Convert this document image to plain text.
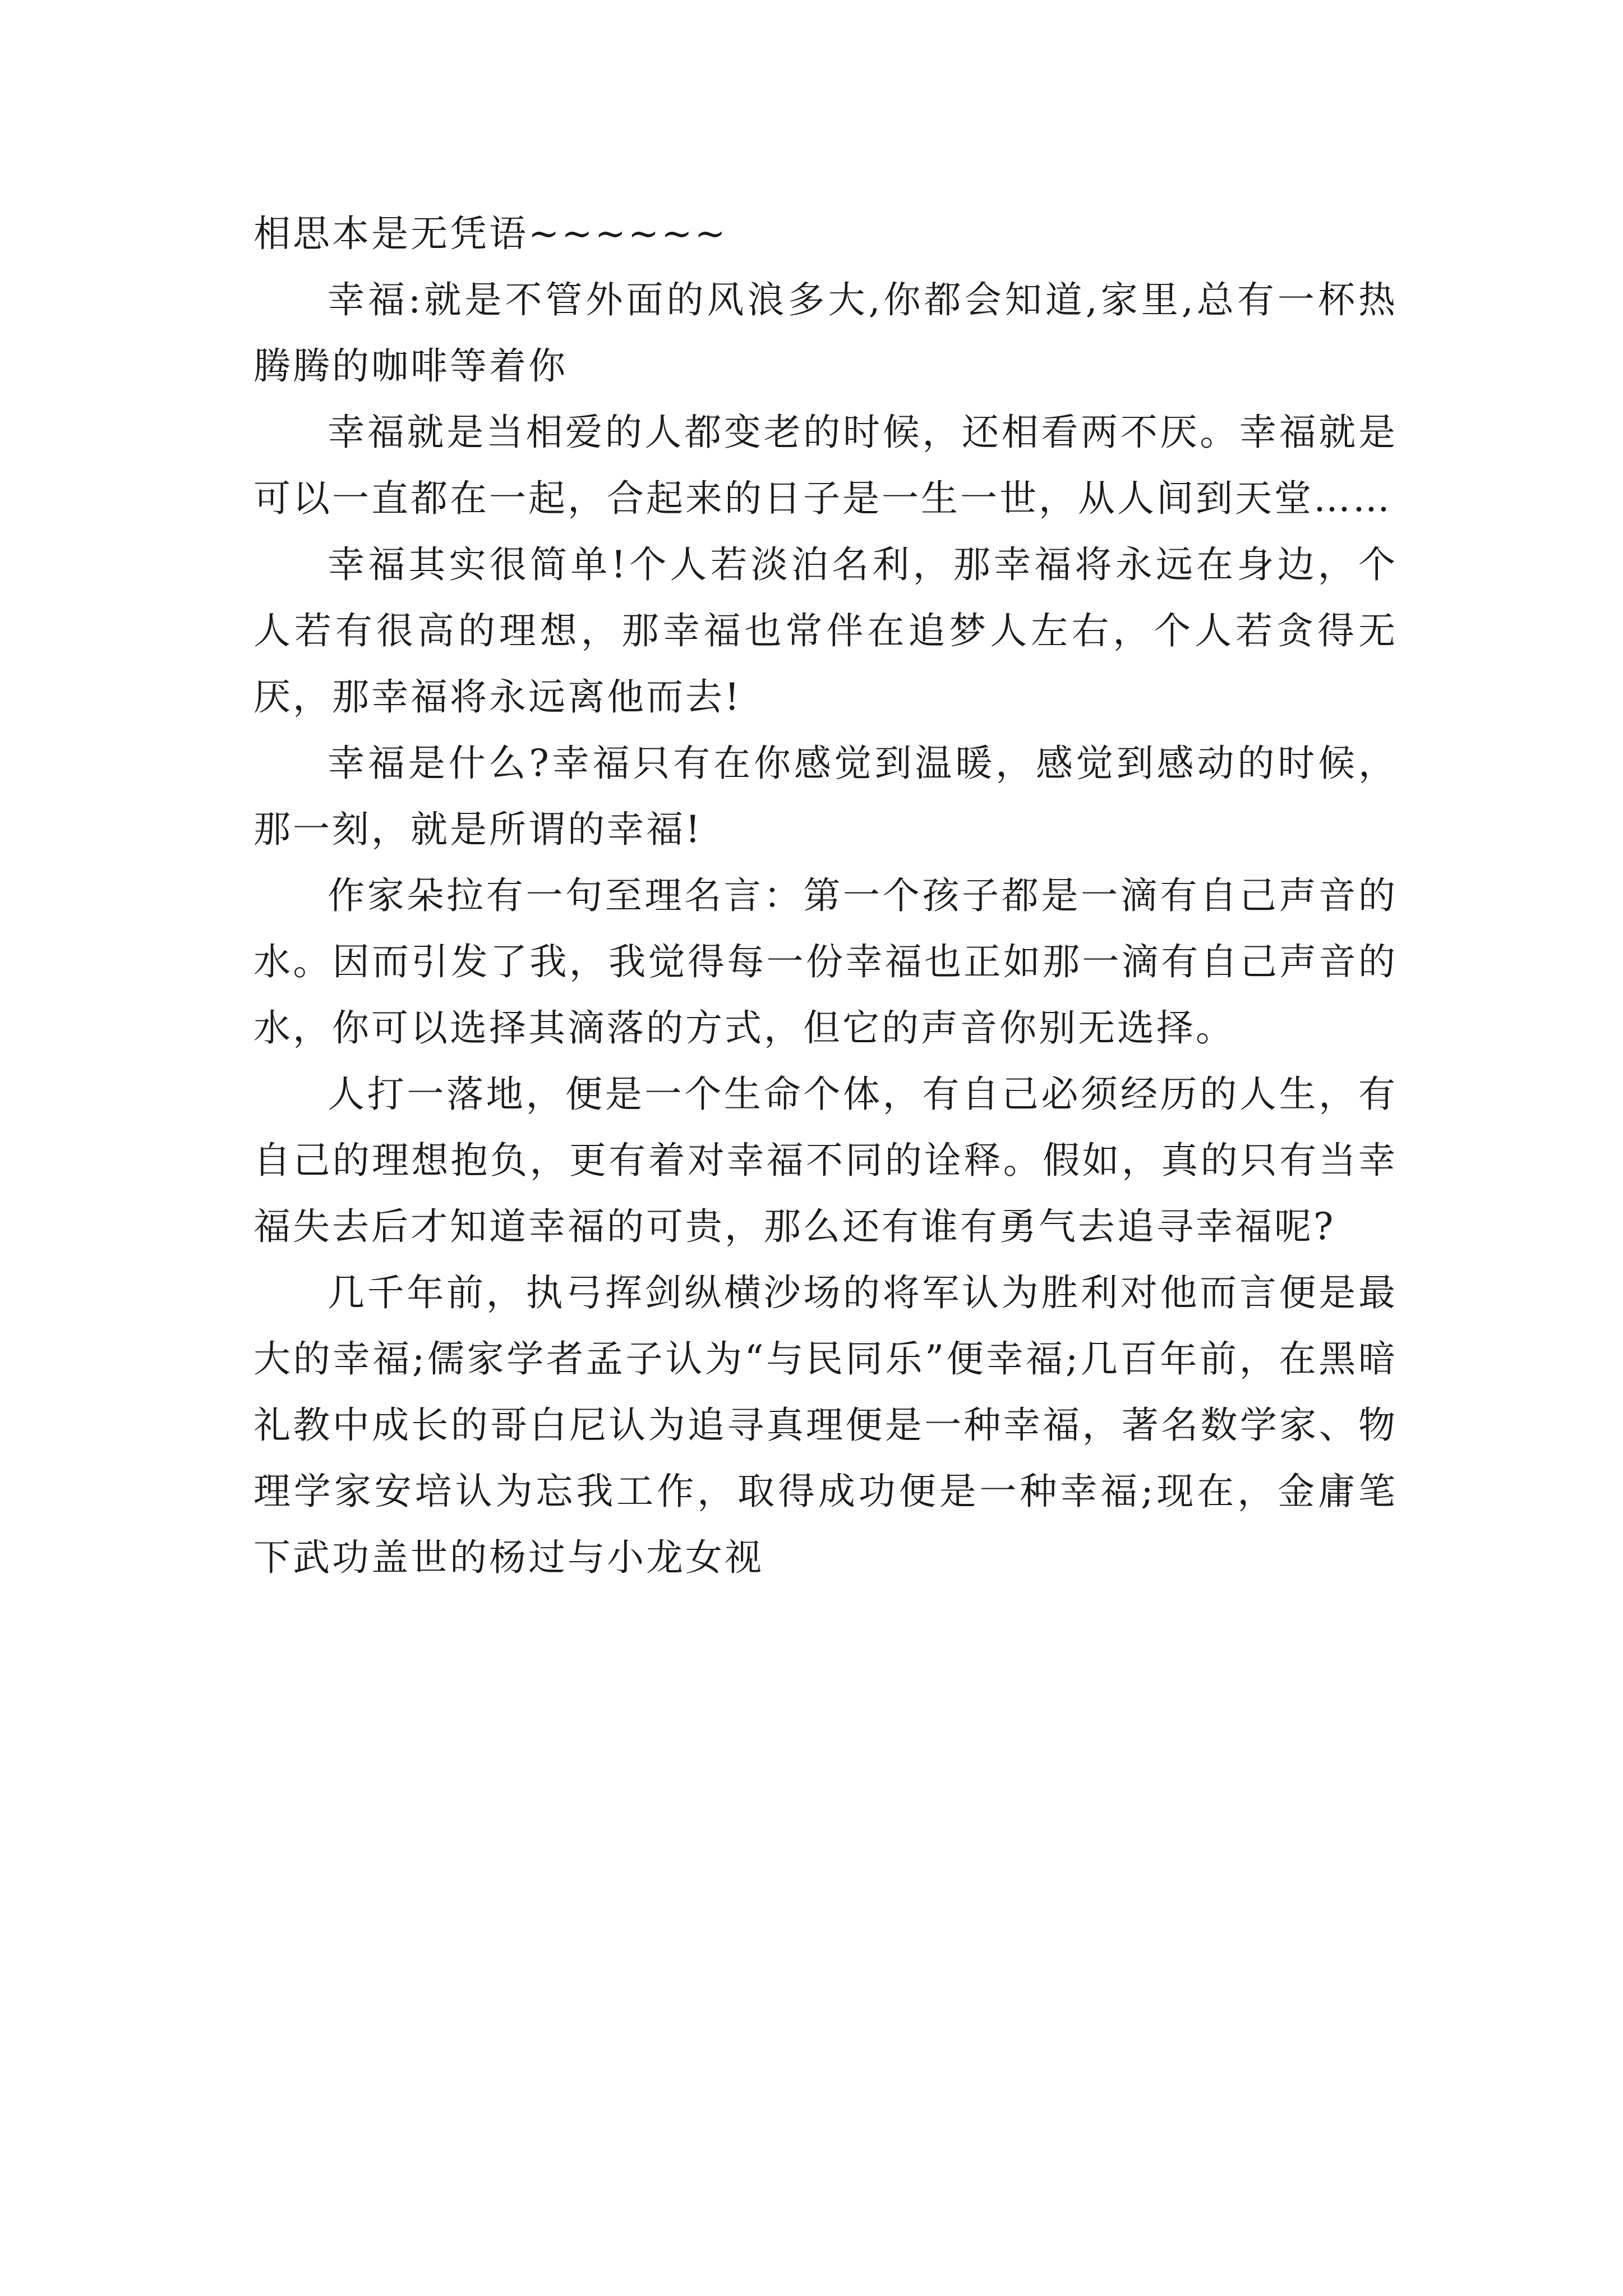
相思本是无凭语~~~~~~

幸福:就是不管外面的风浪多大,你都会知道,家里,总有一杯热腾腾的咖啡等着你

幸福就是当相爱的人都变老的时候，还相看两不厌。幸福就是可以一直都在一起，合起来的日子是一生一世，从人间到天堂……

幸福其实很简单!个人若淡泊名利，那幸福将永远在身边，个人若有很高的理想，那幸福也常伴在追梦人左右，个人若贪得无厌，那幸福将永远离他而去!

幸福是什么?幸福只有在你感觉到温暖，感觉到感动的时候，那一刻，就是所谓的幸福!

作家朵拉有一句至理名言：第一个孩子都是一滴有自己声音的水。因而引发了我，我觉得每一份幸福也正如那一滴有自己声音的水，你可以选择其滴落的方式，但它的声音你别无选择。

人打一落地，便是一个生命个体，有自己必须经历的人生，有自己的理想抱负，更有着对幸福不同的诠释。假如，真的只有当幸福失去后才知道幸福的可贵，那么还有谁有勇气去追寻幸福呢?

几千年前，执弓挥剑纵横沙场的将军认为胜利对他而言便是最大的幸福;儒家学者孟子认为“与民同乐”便幸福;几百年前，在黑暗礼教中成长的哥白尼认为追寻真理便是一种幸福，著名数学家、物理学家安培认为忘我工作，取得成功便是一种幸福;现在，金庸笔下武功盖世的杨过与小龙女视
